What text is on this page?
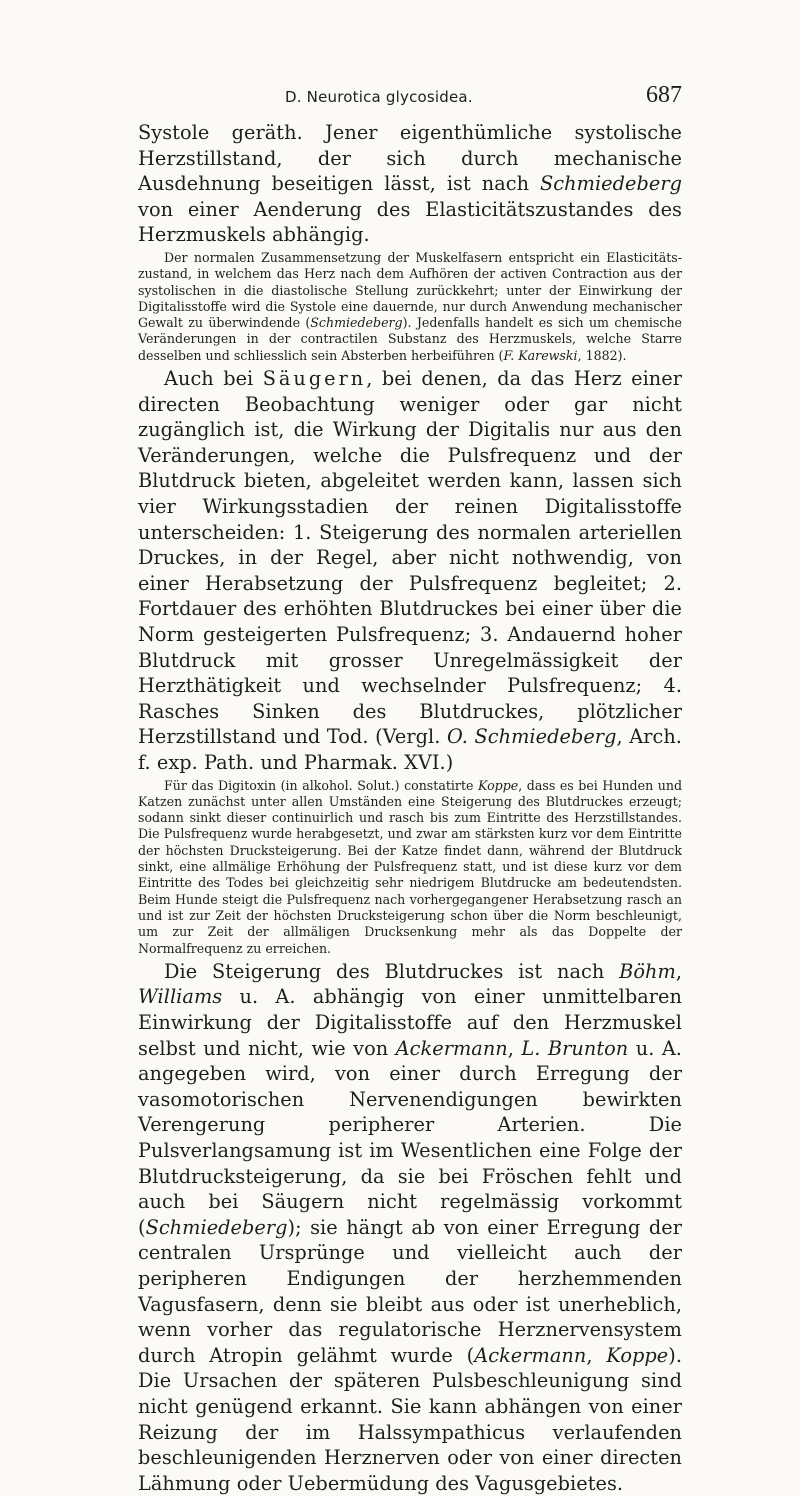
D. Neurotica glycosidea.	687

Systole geräth. Jener eigenthümliche systolische Herzstillstand, der sich durch mechanische Ausdehnung beseitigen lässt, ist nach Schmiedeberg von einer Aenderung des Elasticitätszustandes des Herzmuskels abhängig.

Der normalen Zusammensetzung der Muskelfasern entspricht ein Elasticitätszustand, in welchem das Herz nach dem Aufhören der activen Contraction aus der systolischen in die diastolische Stellung zurückkehrt; unter der Einwirkung der Digitalisstoffe wird die Systole eine dauernde, nur durch Anwendung mechanischer Gewalt zu überwindende (Schmiedeberg). Jedenfalls handelt es sich um chemische Veränderungen in der contractilen Substanz des Herzmuskels, welche Starre desselben und schliesslich sein Absterben herbeiführen (F. Karewski, 1882).

Auch bei Säugern, bei denen, da das Herz einer directen Beobachtung weniger oder gar nicht zugänglich ist, die Wirkung der Digitalis nur aus den Veränderungen, welche die Pulsfrequenz und der Blutdruck bieten, abgeleitet werden kann, lassen sich vier Wirkungsstadien der reinen Digitalisstoffe unterscheiden: 1. Steigerung des normalen arteriellen Druckes, in der Regel, aber nicht nothwendig, von einer Herabsetzung der Pulsfrequenz begleitet; 2. Fortdauer des erhöhten Blutdruckes bei einer über die Norm gesteigerten Pulsfrequenz; 3. Andauernd hoher Blutdruck mit grosser Unregelmässigkeit der Herzthätigkeit und wechselnder Pulsfrequenz; 4. Rasches Sinken des Blutdruckes, plötzlicher Herzstillstand und Tod. (Vergl. O. Schmiedeberg, Arch. f. exp. Path. und Pharmak. XVI.)

Für das Digitoxin (in alkohol. Solut.) constatirte Koppe, dass es bei Hunden und Katzen zunächst unter allen Umständen eine Steigerung des Blutdruckes erzeugt; sodann sinkt dieser continuirlich und rasch bis zum Eintritte des Herzstillstandes. Die Pulsfrequenz wurde herabgesetzt, und zwar am stärksten kurz vor dem Eintritte der höchsten Drucksteigerung. Bei der Katze findet dann, während der Blutdruck sinkt, eine allmälige Erhöhung der Pulsfrequenz statt, und ist diese kurz vor dem Eintritte des Todes bei gleichzeitig sehr niedrigem Blutdrucke am bedeutendsten. Beim Hunde steigt die Pulsfrequenz nach vorhergegangener Herabsetzung rasch an und ist zur Zeit der höchsten Drucksteigerung schon über die Norm beschleunigt, um zur Zeit der allmäligen Drucksenkung mehr als das Doppelte der Normalfrequenz zu erreichen.

Die Steigerung des Blutdruckes ist nach Böhm, Williams u. A. abhängig von einer unmittelbaren Einwirkung der Digitalisstoffe auf den Herzmuskel selbst und nicht, wie von Ackermann, L. Brunton u. A. angegeben wird, von einer durch Erregung der vasomotorischen Nervenendigungen bewirkten Verengerung peripherer Arterien. Die Pulsverlangsamung ist im Wesentlichen eine Folge der Blutdrucksteigerung, da sie bei Fröschen fehlt und auch bei Säugern nicht regelmässig vorkommt (Schmiedeberg); sie hängt ab von einer Erregung der centralen Ursprünge und vielleicht auch der peripheren Endigungen der herzhemmenden Vagusfasern, denn sie bleibt aus oder ist unerheblich, wenn vorher das regulatorische Herznervensystem durch Atropin gelähmt wurde (Ackermann, Koppe). Die Ursachen der späteren Pulsbeschleunigung sind nicht genügend erkannt. Sie kann abhängen von einer Reizung der im Halssympathicus verlaufenden beschleunigenden Herznerven oder von einer directen Lähmung oder Uebermüdung des Vagusgebietes.
